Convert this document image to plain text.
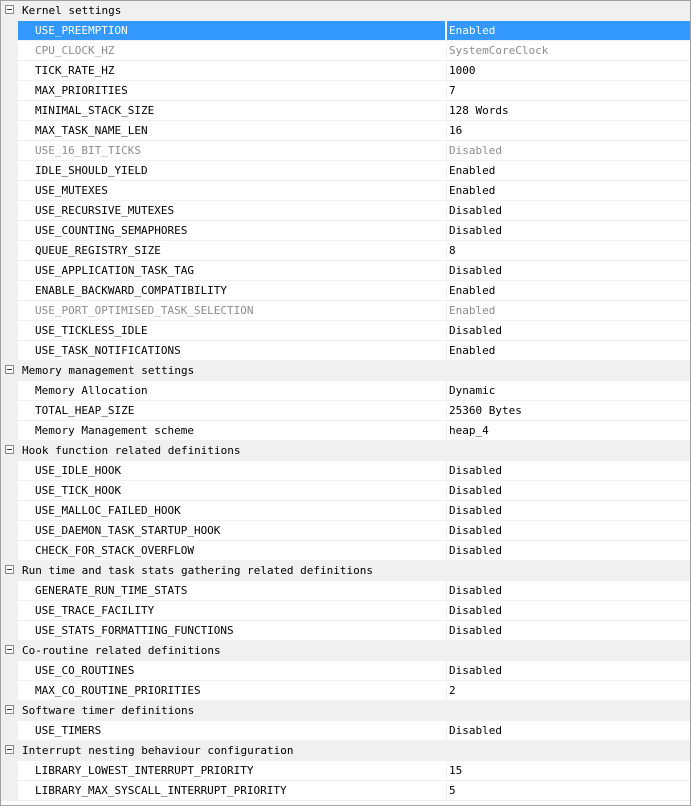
Kernel settings
USE_PREEMPTION	Enabled
CPU_CLOCK_HZ	SystemCoreClock
TICK_RATE_HZ	1000
MAX_PRIORITIES	7
MINIMAL_STACK_SIZE	128 Words
MAX_TASK_NAME_LEN	16
USE_16_BIT_TICKS	Disabled
IDLE_SHOULD_YIELD	Enabled
USE_MUTEXES	Enabled
USE_RECURSIVE_MUTEXES	Disabled
USE_COUNTING_SEMAPHORES	Disabled
QUEUE_REGISTRY_SIZE	8
USE_APPLICATION_TASK_TAG	Disabled
ENABLE_BACKWARD_COMPATIBILITY	Enabled
USE_PORT_OPTIMISED_TASK_SELECTION	Enabled
USE_TICKLESS_IDLE	Disabled
USE_TASK_NOTIFICATIONS	Enabled
Memory management settings
Memory Allocation	Dynamic
TOTAL_HEAP_SIZE	25360 Bytes
Memory Management scheme	heap_4
Hook function related definitions
USE_IDLE_HOOK	Disabled
USE_TICK_HOOK	Disabled
USE_MALLOC_FAILED_HOOK	Disabled
USE_DAEMON_TASK_STARTUP_HOOK	Disabled
CHECK_FOR_STACK_OVERFLOW	Disabled
Run time and task stats gathering related definitions
GENERATE_RUN_TIME_STATS	Disabled
USE_TRACE_FACILITY	Disabled
USE_STATS_FORMATTING_FUNCTIONS	Disabled
Co-routine related definitions
USE_CO_ROUTINES	Disabled
MAX_CO_ROUTINE_PRIORITIES	2
Software timer definitions
USE_TIMERS	Disabled
Interrupt nesting behaviour configuration
LIBRARY_LOWEST_INTERRUPT_PRIORITY	15
LIBRARY_MAX_SYSCALL_INTERRUPT_PRIORITY	5
